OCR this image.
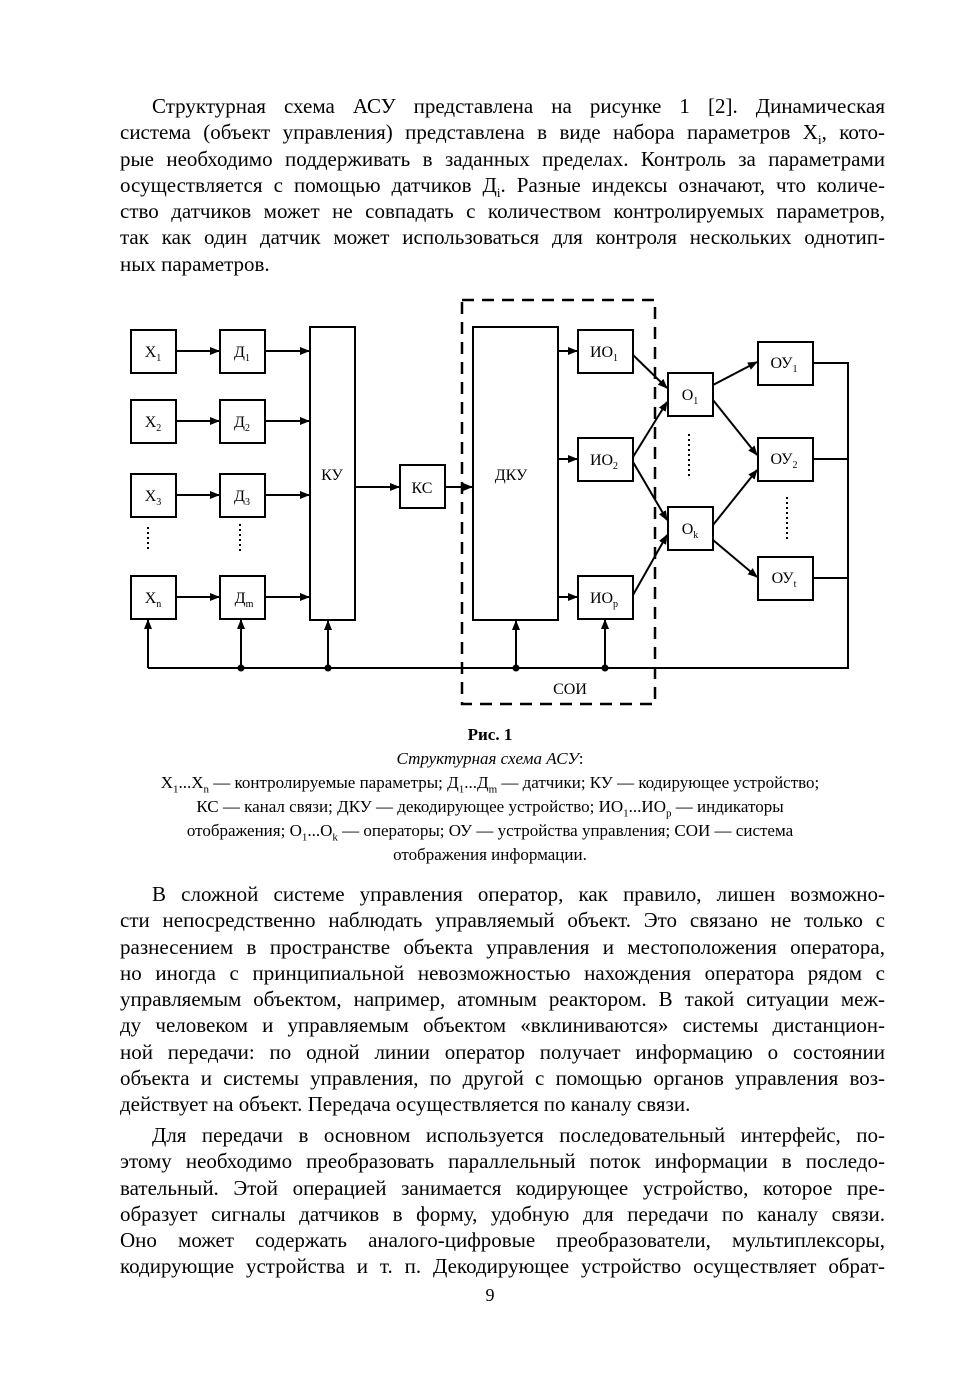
Структурная схема АСУ представлена на рисунке 1 [2]. Динамическая
система (объект управления) представлена в виде набора параметров $X_i$, кото-
рые необходимо поддерживать в заданных пределах. Контроль за параметрами
осуществляется с помощью датчиков $Д_i$. Разные индексы означают, что количе-
ство датчиков может не совпадать с количеством контролируемых параметров,
так как один датчик может использоваться для контроля нескольких однотип-
ных параметров.
$X_1$
$X_2$
$X_3$
$X_n$
$Д_1$
$Д_2$
$Д_3$
$Д_m$
КУ
КС
ДКУ
$ИО_1$
$ИО_2$
$ИО_p$
$O_1$
$O_k$
$ОУ_1$
$ОУ_2$
$ОУ_t$
СОИ
Рис. 1
Структурная схема АСУ:
$X_1...X_n$ — контролируемые параметры; $Д_1...Д_m$ — датчики; КУ — кодирующее устройство;
КС — канал связи; ДКУ — декодирующее устройство; $ИО_1...ИО_p$ — индикаторы
отображения; $O_1...O_k$ — операторы; ОУ — устройства управления; СОИ — система
отображения информации.
В сложной системе управления оператор, как правило, лишен возможно-
сти непосредственно наблюдать управляемый объект. Это связано не только с
разнесением в пространстве объекта управления и местоположения оператора,
но иногда с принципиальной невозможностью нахождения оператора рядом с
управляемым объектом, например, атомным реактором. В такой ситуации меж-
ду человеком и управляемым объектом «вклиниваются» системы дистанцион-
ной передачи: по одной линии оператор получает информацию о состоянии
объекта и системы управления, по другой с помощью органов управления воз-
действует на объект. Передача осуществляется по каналу связи.
Для передачи в основном используется последовательный интерфейс, по-
этому необходимо преобразовать параллельный поток информации в последо-
вательный. Этой операцией занимается кодирующее устройство, которое пре-
образует сигналы датчиков в форму, удобную для передачи по каналу связи.
Оно может содержать аналого-цифровые преобразователи, мультиплексоры,
кодирующие устройства и т. п. Декодирующее устройство осуществляет обрат-
9
